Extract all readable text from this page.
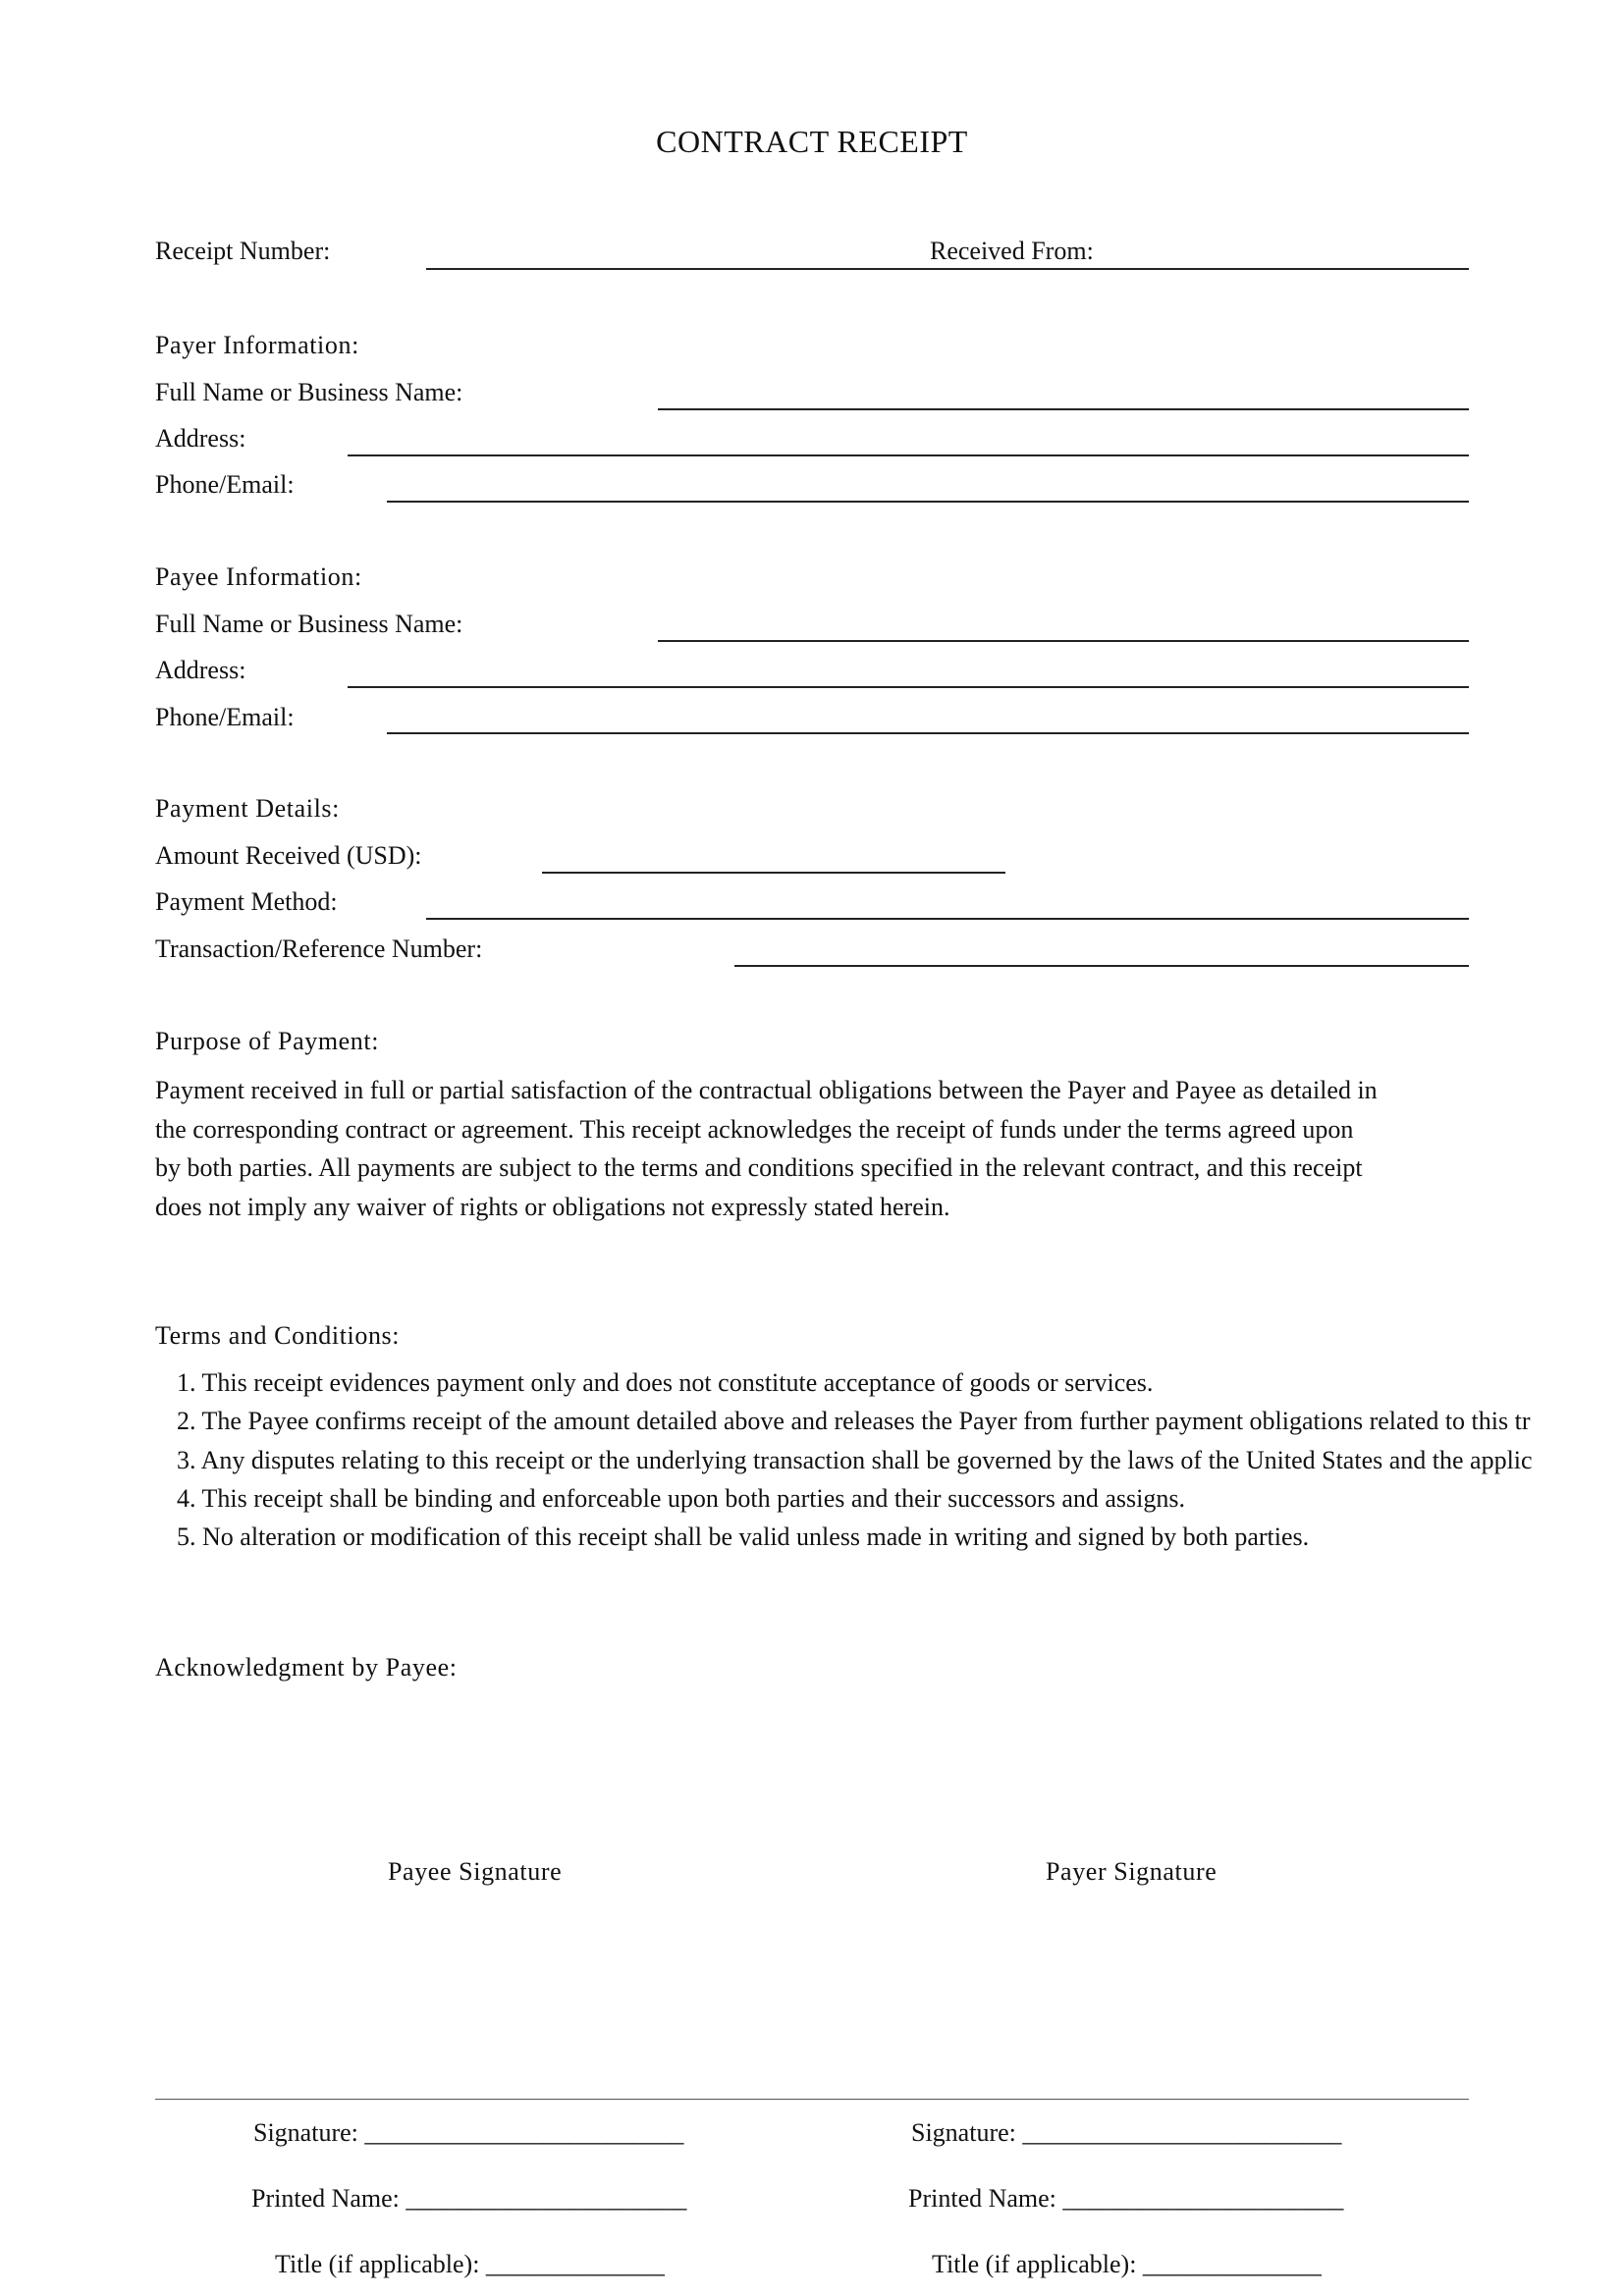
CONTRACT RECEIPT
Receipt Number:	Received From:
Payer Information:
Full Name or Business Name:
Address:
Phone/Email:
Payee Information:
Full Name or Business Name:
Address:
Phone/Email:
Payment Details:
Amount Received (USD):
Payment Method:
Transaction/Reference Number:
Purpose of Payment:
Payment received in full or partial satisfaction of the contractual obligations between the Payer and Payee as detailed in
the corresponding contract or agreement. This receipt acknowledges the receipt of funds under the terms agreed upon
by both parties. All payments are subject to the terms and conditions specified in the relevant contract, and this receipt
does not imply any waiver of rights or obligations not expressly stated herein.
Terms and Conditions:
1. This receipt evidences payment only and does not constitute acceptance of goods or services.
2. The Payee confirms receipt of the amount detailed above and releases the Payer from further payment obligations related to this tr
3. Any disputes relating to this receipt or the underlying transaction shall be governed by the laws of the United States and the applic
4. This receipt shall be binding and enforceable upon both parties and their successors and assigns.
5. No alteration or modification of this receipt shall be valid unless made in writing and signed by both parties.
Acknowledgment by Payee:
Payee Signature	Payer Signature
Signature: _________________________
Printed Name: ______________________
Title (if applicable): ______________
Signature: _________________________
Printed Name: ______________________
Title (if applicable): ______________
